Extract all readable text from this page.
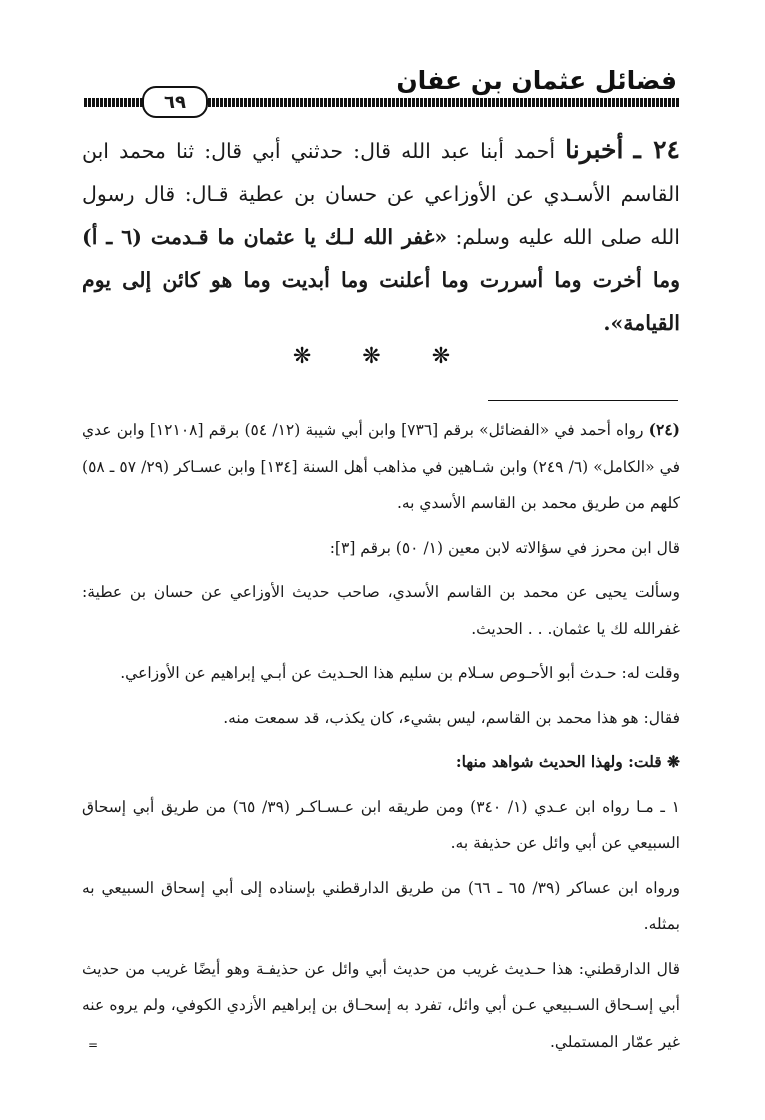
فضائل عثمان بن عفان
٦٩

٢٤ ـ أخبرنا أحمد أبنا عبد الله قال: حدثني أبي قال: ثنا محمد ابن القاسم الأسـدي عن الأوزاعي عن حسان بن عطية قـال: قال رسول الله صلى الله عليه وسلم: «غفر الله لـك يا عثمان ما قـدمت (٦ ـ أ) وما أخرت وما أسررت وما أعلنت وما أبديت وما هو كائن إلى يوم القيامة».

❋ ❋ ❋

(٢٤) رواه أحمد في «الفضائل» برقم [٧٣٦] وابن أبي شيبة (١٢/ ٥٤) برقم [١٢١٠٨] وابن عدي في «الكامل» (٦/ ٢٤٩) وابن شـاهين في مذاهب أهل السنة [١٣٤] وابن عسـاكر (٢٩/ ٥٧ ـ ٥٨) كلهم من طريق محمد بن القاسم الأسدي به.

قال ابن محرز في سؤالاته لابن معين (١/ ٥٠) برقم [٣]:

وسألت يحيى عن محمد بن القاسم الأسدي، صاحب حديث الأوزاعي عن حسان بن عطية: غفرالله لك يا عثمان. . . الحديث.

وقلت له: حـدث أبو الأحـوص سـلام بن سليم هذا الحـديث عن أبـي إبراهيم عن الأوزاعي.

فقال: هو هذا محمد بن القاسم، ليس بشيء، كان يكذب، قد سمعت منه.

❋ قلت: ولهذا الحديث شواهد منها:

١ ـ مـا رواه ابن عـدي (١/ ٣٤٠) ومن طريقه ابن عـسـاكـر (٣٩/ ٦٥) من طريق أبي إسحاق السبيعي عن أبي وائل عن حذيفة به.

ورواه ابن عساكر (٣٩/ ٦٥ ـ ٦٦) من طريق الدارقطني بإسناده إلى أبي إسحاق السبيعي به بمثله.

قال الدارقطني: هذا حـديث غريب من حديث أبي وائل عن حذيفـة وهو أيضًا غريب من حديث أبي إسـحاق السـبيعي عـن أبي وائل، تفرد به إسحـاق بن إبراهيم الأزدي الكوفي، ولم يروه عنه غير عمّار المستملي.

=
